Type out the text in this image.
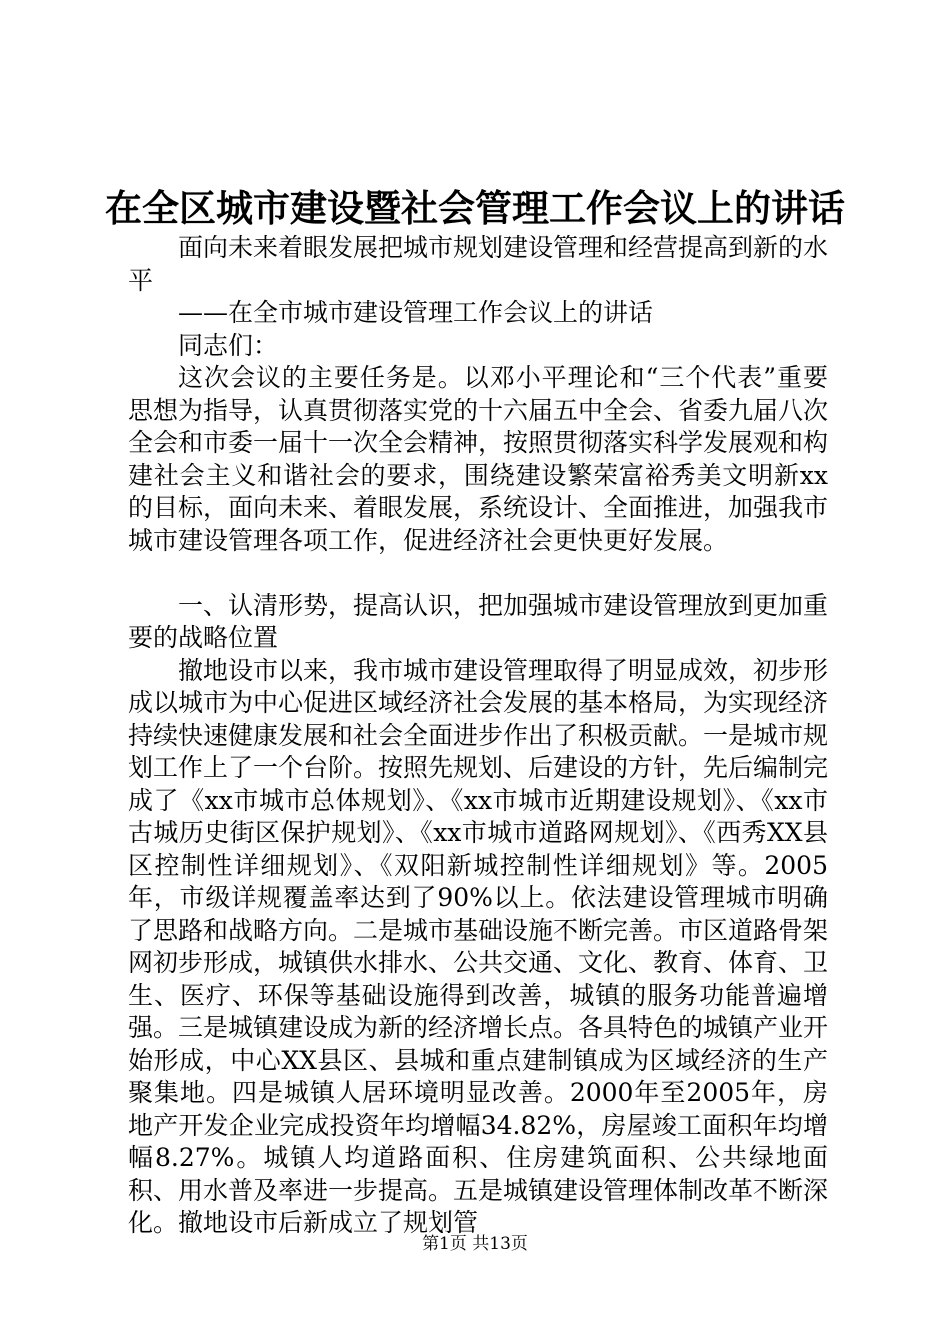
在全区城市建设暨社会管理工作会议上的讲话

面向未来着眼发展把城市规划建设管理和经营提高到新的水平

——在全市城市建设管理工作会议上的讲话

同志们：

这次会议的主要任务是。以邓小平理论和“三个代表”重要思想为指导，认真贯彻落实党的十六届五中全会、省委九届八次全会和市委一届十一次全会精神，按照贯彻落实科学发展观和构建社会主义和谐社会的要求，围绕建设繁荣富裕秀美文明新xx的目标，面向未来、着眼发展，系统设计、全面推进，加强我市城市建设管理各项工作，促进经济社会更快更好发展。

一、认清形势，提高认识，把加强城市建设管理放到更加重要的战略位置

撤地设市以来，我市城市建设管理取得了明显成效，初步形成以城市为中心促进区域经济社会发展的基本格局，为实现经济持续快速健康发展和社会全面进步作出了积极贡献。一是城市规划工作上了一个台阶。按照先规划、后建设的方针，先后编制完成了《xx市城市总体规划》、《xx市城市近期建设规划》、《xx市古城历史街区保护规划》、《xx市城市道路网规划》、《西秀XX县区控制性详细规划》、《双阳新城控制性详细规划》等。2005年，市级详规覆盖率达到了90%以上。依法建设管理城市明确了思路和战略方向。二是城市基础设施不断完善。市区道路骨架网初步形成，城镇供水排水、公共交通、文化、教育、体育、卫生、医疗、环保等基础设施得到改善，城镇的服务功能普遍增强。三是城镇建设成为新的经济增长点。各具特色的城镇产业开始形成，中心XX县区、县城和重点建制镇成为区域经济的生产聚集地。四是城镇人居环境明显改善。2000年至2005年，房地产开发企业完成投资年均增幅34.82%，房屋竣工面积年均增幅8.27%。城镇人均道路面积、住房建筑面积、公共绿地面积、用水普及率进一步提高。五是城镇建设管理体制改革不断深化。撤地设市后新成立了规划管

第1页 共13页
